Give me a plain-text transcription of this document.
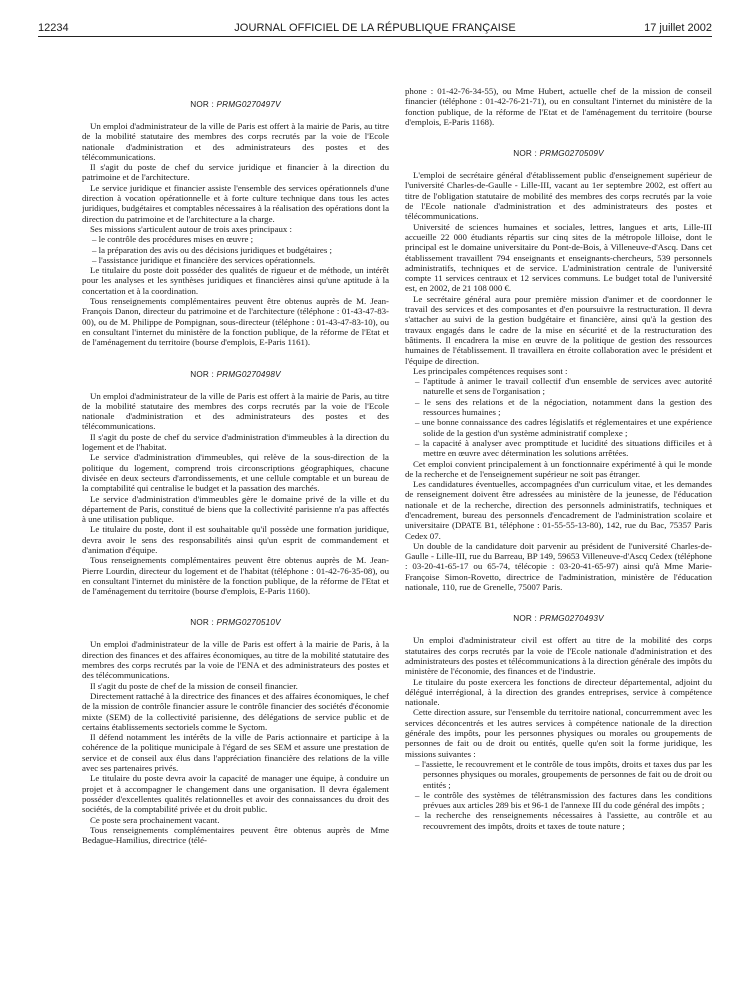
12234	JOURNAL OFFICIEL DE LA RÉPUBLIQUE FRANÇAISE	17 juillet 2002
NOR : PRMG0270497V

Un emploi d'administrateur de la ville de Paris est offert à la mairie de Paris, au titre de la mobilité statutaire des membres des corps recrutés par la voie de l'Ecole nationale d'administration et des administrateurs des postes et des télécommunications.

Il s'agit du poste de chef du service juridique et financier à la direction du patrimoine et de l'architecture.

Le service juridique et financier assiste l'ensemble des services opérationnels d'une direction à vocation opérationnelle et à forte culture technique dans tous les actes juridiques, budgétaires et comptables nécessaires à la réalisation des opérations dont la direction du patrimoine et de l'architecture a la charge.

Ses missions s'articulent autour de trois axes principaux :

– le contrôle des procédures mises en œuvre ;
– la préparation des avis ou des décisions juridiques et budgétaires ;
– l'assistance juridique et financière des services opérationnels.

Le titulaire du poste doit posséder des qualités de rigueur et de méthode, un intérêt pour les analyses et les synthèses juridiques et financières ainsi qu'une aptitude à la concertation et à la coordination.

Tous renseignements complémentaires peuvent être obtenus auprès de M. Jean-François Danon, directeur du patrimoine et de l'architecture (téléphone : 01-43-47-83-00), ou de M. Philippe de Pompignan, sous-directeur (téléphone : 01-43-47-83-10), ou en consultant l'internet du ministère de la fonction publique, de la réforme de l'Etat et de l'aménagement du territoire (bourse d'emplois, E-Paris 1161).

NOR : PRMG0270498V

Un emploi d'administrateur de la ville de Paris est offert à la mairie de Paris, au titre de la mobilité statutaire des membres des corps recrutés par la voie de l'Ecole nationale d'administration et des administrateurs des postes et des télécommunications.

Il s'agit du poste de chef du service d'administration d'immeubles à la direction du logement et de l'habitat.

Le service d'administration d'immeubles, qui relève de la sous-direction de la politique du logement, comprend trois circonscriptions géographiques, chacune divisée en deux secteurs d'arrondissements, et une cellule comptable et un bureau de la comptabilité qui centralise le budget et la passation des marchés.

Le service d'administration d'immeubles gère le domaine privé de la ville et du département de Paris, constitué de biens que la collectivité parisienne n'a pas affectés à une utilisation publique.

Le titulaire du poste, dont il est souhaitable qu'il possède une formation juridique, devra avoir le sens des responsabilités ainsi qu'un esprit de commandement et d'animation d'équipe.

Tous renseignements complémentaires peuvent être obtenus auprès de M. Jean-Pierre Lourdin, directeur du logement et de l'habitat (téléphone : 01-42-76-35-08), ou en consultant l'internet du ministère de la fonction publique, de la réforme de l'Etat et de l'aménagement du territoire (bourse d'emplois, E-Paris 1160).

NOR : PRMG0270510V

Un emploi d'administrateur de la ville de Paris est offert à la mairie de Paris, à la direction des finances et des affaires économiques, au titre de la mobilité statutaire des membres des corps recrutés par la voie de l'ENA et des administrateurs des postes et des télécommunications.

Il s'agit du poste de chef de la mission de conseil financier.

Directement rattaché à la directrice des finances et des affaires économiques, le chef de la mission de contrôle financier assure le contrôle financier des sociétés d'économie mixte (SEM) de la collectivité parisienne, des délégations de service public et de certains établissements sectoriels comme le Syctom.

Il défend notamment les intérêts de la ville de Paris actionnaire et participe à la cohérence de la politique municipale à l'égard de ses SEM et assure une prestation de service et de conseil aux élus dans l'appréciation financière des relations de la ville avec ses partenaires privés.

Le titulaire du poste devra avoir la capacité de manager une équipe, à conduire un projet et à accompagner le changement dans une organisation. Il devra également posséder d'excellentes qualités relationnelles et avoir des connaissances du droit des sociétés, de la comptabilité privée et du droit public.

Ce poste sera prochainement vacant.

Tous renseignements complémentaires peuvent être obtenus auprès de Mme Bedague-Hamilius, directrice (télé-

phone : 01-42-76-34-55), ou Mme Hubert, actuelle chef de la mission de conseil financier (téléphone : 01-42-76-21-71), ou en consultant l'internet du ministère de la fonction publique, de la réforme de l'Etat et de l'aménagement du territoire (bourse d'emplois, E-Paris 1168).

NOR : PRMG0270509V

L'emploi de secrétaire général d'établissement public d'enseignement supérieur de l'université Charles-de-Gaulle - Lille-III, vacant au 1er septembre 2002, est offert au titre de l'obligation statutaire de mobilité des membres des corps recrutés par la voie de l'Ecole nationale d'administration et des administrateurs des postes et télécommunications.

Université de sciences humaines et sociales, lettres, langues et arts, Lille-III accueille 22 000 étudiants répartis sur cinq sites de la métropole lilloise, dont le principal est le domaine universitaire du Pont-de-Bois, à Villeneuve-d'Ascq. Dans cet établissement travaillent 794 enseignants et enseignants-chercheurs, 539 personnels administratifs, techniques et de service. L'administration centrale de l'université compte 11 services centraux et 12 services communs. Le budget total de l'université est, en 2002, de 21 108 000 €.

Le secrétaire général aura pour première mission d'animer et de coordonner le travail des services et des composantes et d'en poursuivre la restructuration. Il devra s'attacher au suivi de la gestion budgétaire et financière, ainsi qu'à la gestion des travaux engagés dans le cadre de la mise en sécurité et de la restructuration des bâtiments. Il encadrera la mise en œuvre de la politique de gestion des ressources humaines de l'établissement. Il travaillera en étroite collaboration avec le président et l'équipe de direction.

Les principales compétences requises sont :

– l'aptitude à animer le travail collectif d'un ensemble de services avec autorité naturelle et sens de l'organisation ;
– le sens des relations et de la négociation, notamment dans la gestion des ressources humaines ;
– une bonne connaissance des cadres législatifs et réglementaires et une expérience solide de la gestion d'un système administratif complexe ;
– la capacité à analyser avec promptitude et lucidité des situations difficiles et à mettre en œuvre avec détermination les solutions arrêtées.

Cet emploi convient principalement à un fonctionnaire expérimenté à qui le monde de la recherche et de l'enseignement supérieur ne soit pas étranger.

Les candidatures éventuelles, accompagnées d'un curriculum vitae, et les demandes de renseignement doivent être adressées au ministère de la jeunesse, de l'éducation nationale et de la recherche, direction des personnels administratifs, techniques et d'encadrement, bureau des personnels d'encadrement de l'administration scolaire et universitaire (DPATE B1, téléphone : 01-55-55-13-80), 142, rue du Bac, 75357 Paris Cedex 07.

Un double de la candidature doit parvenir au président de l'université Charles-de-Gaulle - Lille-III, rue du Barreau, BP 149, 59653 Villeneuve-d'Ascq Cedex (téléphone : 03-20-41-65-17 ou 65-74, télécopie : 03-20-41-65-97) ainsi qu'à Mme Marie-Françoise Simon-Rovetto, directrice de l'administration, ministère de l'éducation nationale, 110, rue de Grenelle, 75007 Paris.

NOR : PRMG0270493V

Un emploi d'administrateur civil est offert au titre de la mobilité des corps statutaires des corps recrutés par la voie de l'Ecole nationale d'administration et des administrateurs des postes et télécommunications à la direction générale des impôts du ministère de l'économie, des finances et de l'industrie.

Le titulaire du poste exercera les fonctions de directeur départemental, adjoint du délégué interrégional, à la direction des grandes entreprises, service à compétence nationale.

Cette direction assure, sur l'ensemble du territoire national, concurremment avec les services déconcentrés et les autres services à compétence nationale de la direction générale des impôts, pour les personnes physiques ou morales ou groupements de personnes de fait ou de droit ou entités, quelle qu'en soit la forme juridique, les missions suivantes :

– l'assiette, le recouvrement et le contrôle de tous impôts, droits et taxes dus par les personnes physiques ou morales, groupements de personnes de fait ou de droit ou entités ;
– le contrôle des systèmes de télétransmission des factures dans les conditions prévues aux articles 289 bis et 96-1 de l'annexe III du code général des impôts ;
– la recherche des renseignements nécessaires à l'assiette, au contrôle et au recouvrement des impôts, droits et taxes de toute nature ;
